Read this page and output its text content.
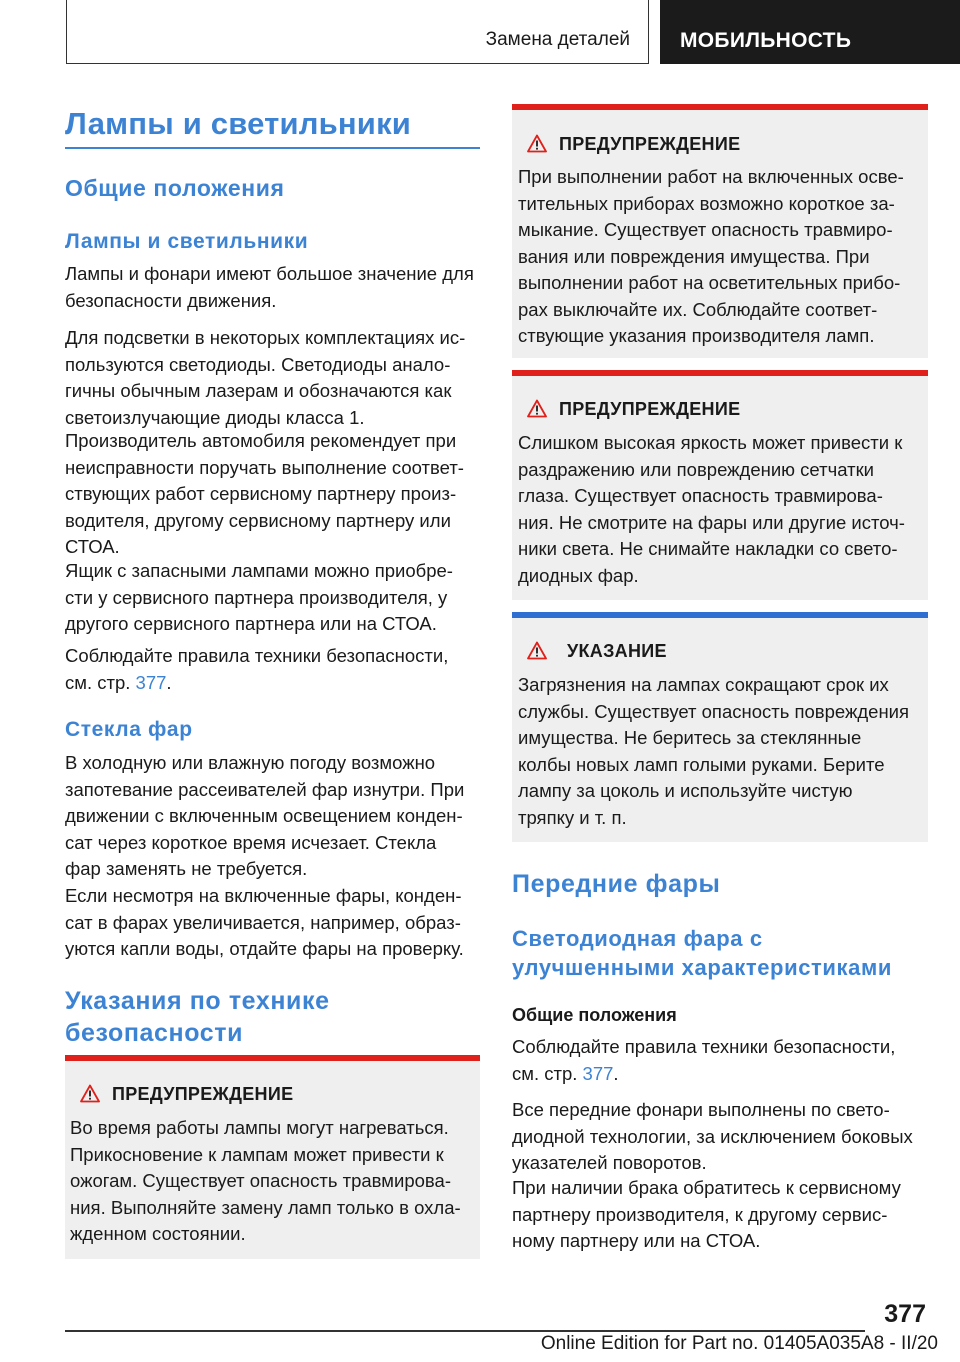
Замена деталей МОБИЛЬНОСТЬ
Лампы и светильники
Общие положения
Лампы и светильники
Лампы и фонари имеют большое значение для
безопасности движения.
Для подсветки в некоторых комплектациях ис-
пользуются светодиоды. Светодиоды анало-
гичны обычным лазерам и обозначаются как
светоизлучающие диоды класса 1.
Производитель автомобиля рекомендует при
неисправности поручать выполнение соответ-
ствующих работ сервисному партнеру произ-
водителя, другому сервисному партнеру или
СТОА.
Ящик с запасными лампами можно приобре-
сти у сервисного партнера производителя, у
другого сервисного партнера или на СТОА.
Соблюдайте правила техники безопасности,
см. стр. 377.
Стекла фар
В холодную или влажную погоду возможно
запотевание рассеивателей фар изнутри. При
движении с включенным освещением конден-
сат через короткое время исчезает. Стекла
фар заменять не требуется.
Если несмотря на включенные фары, конден-
сат в фарах увеличивается, например, образ-
уются капли воды, отдайте фары на проверку.
Указания по технике
безопасности
ПРЕДУПРЕЖДЕНИЕ
Во время работы лампы могут нагреваться.
Прикосновение к лампам может привести к
ожогам. Существует опасность травмирова-
ния. Выполняйте замену ламп только в охла-
жденном состоянии.
ПРЕДУПРЕЖДЕНИЕ
При выполнении работ на включенных осве-
тительных приборах возможно короткое за-
мыкание. Существует опасность травмиро-
вания или повреждения имущества. При
выполнении работ на осветительных прибо-
рах выключайте их. Соблюдайте соответ-
ствующие указания производителя ламп.
ПРЕДУПРЕЖДЕНИЕ
Слишком высокая яркость может привести к
раздражению или повреждению сетчатки
глаза. Существует опасность травмирова-
ния. Не смотрите на фары или другие источ-
ники света. Не снимайте накладки со свето-
диодных фар.
УКАЗАНИЕ
Загрязнения на лампах сокращают срок их
службы. Существует опасность повреждения
имущества. Не беритесь за стеклянные
колбы новых ламп голыми руками. Берите
лампу за цоколь и используйте чистую
тряпку и т. п.
Передние фары
Светодиодная фара с
улучшенными характеристиками
Общие положения
Соблюдайте правила техники безопасности,
см. стр. 377.
Все передние фонари выполнены по свето-
диодной технологии, за исключением боковых
указателей поворотов.
При наличии брака обратитесь к сервисному
партнеру производителя, к другому сервис-
ному партнеру или на СТОА.
377
Online Edition for Part no. 01405A035A8 - II/20
